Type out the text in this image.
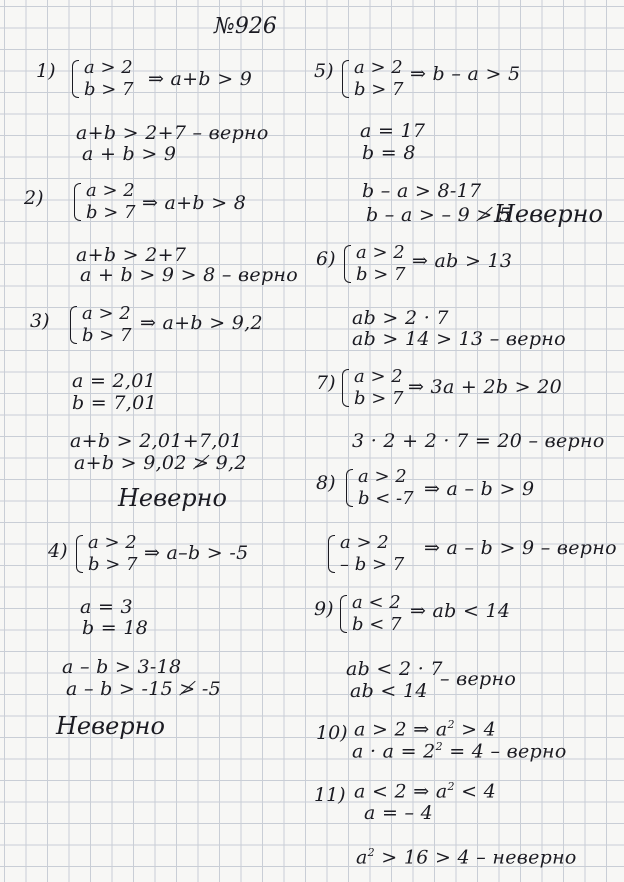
№926
1) a > 2
b > 7 ⇒ a+b > 9
a+b > 2+7 – верно
a + b > 9
2) a > 2
b > 7 ⇒ a+b > 8
a+b > 2+7
a + b > 9 > 8 – верно
3) a > 2
b > 7
⇒ a+b > 9,2
a = 2,01
b = 7,01
a+b > 2,01+7,01
a+b > 9,02 ≯ 9,2
Неверно
4) a > 2
b > 7
⇒ a–b > -5
a = 3
b = 18
a – b > 3-18
a – b > -15 ≯ -5
Неверно
5) a > 2
b > 7
⇒ b – a > 5
a = 17
b = 8
b – a > 8-17
b – a > – 9 ≯ 5
Неверно
6) a > 2
b > 7
⇒ ab > 13
ab > 2 · 7
ab > 14 > 13 – верно
7) a > 2
b > 7
⇒ 3a + 2b > 20
3 · 2 + 2 · 7 = 20 – верно
8) a > 2
b < -7 ⇒ a – b > 9
a > 2
– b > 7
⇒ a – b > 9 – верно
9) a < 2
b < 7
⇒ ab < 14
ab < 2 · 7
ab < 14
– верно
10) a > 2 ⇒ $a^2 > 4$
$a \cdot a = 2^2 = 4$ – верно
11) a < 2 ⇒ $a^2 < 4$
a = – 4
$a^2 > 16 > 4$ – неверно
